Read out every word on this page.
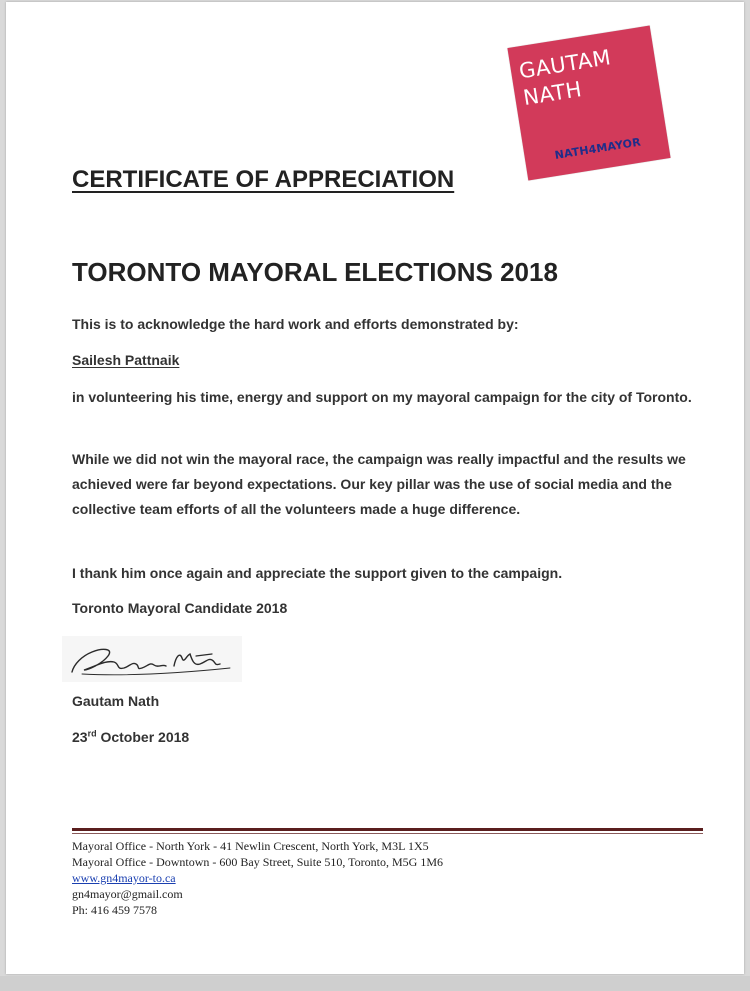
GAUTAM
NATH
NATH4MAYOR
CERTIFICATE OF APPRECIATION
TORONTO MAYORAL ELECTIONS 2018
This is to acknowledge the hard work and efforts demonstrated by:
Sailesh Pattnaik
in volunteering his time, energy and support on my mayoral campaign for the city of Toronto.
While we did not win the mayoral race, the campaign was really impactful and the results we achieved were far beyond expectations. Our key pillar was the use of social media and the collective team efforts of all the volunteers made a huge difference.
I thank him once again and appreciate the support given to the campaign.
Toronto Mayoral Candidate 2018
Gautam Nath
23rd October 2018
Mayoral Office - North York - 41 Newlin Crescent, North York, M3L 1X5
Mayoral Office - Downtown - 600 Bay Street, Suite 510, Toronto, M5G 1M6
www.gn4mayor-to.ca
gn4mayor@gmail.com
Ph: 416 459 7578
